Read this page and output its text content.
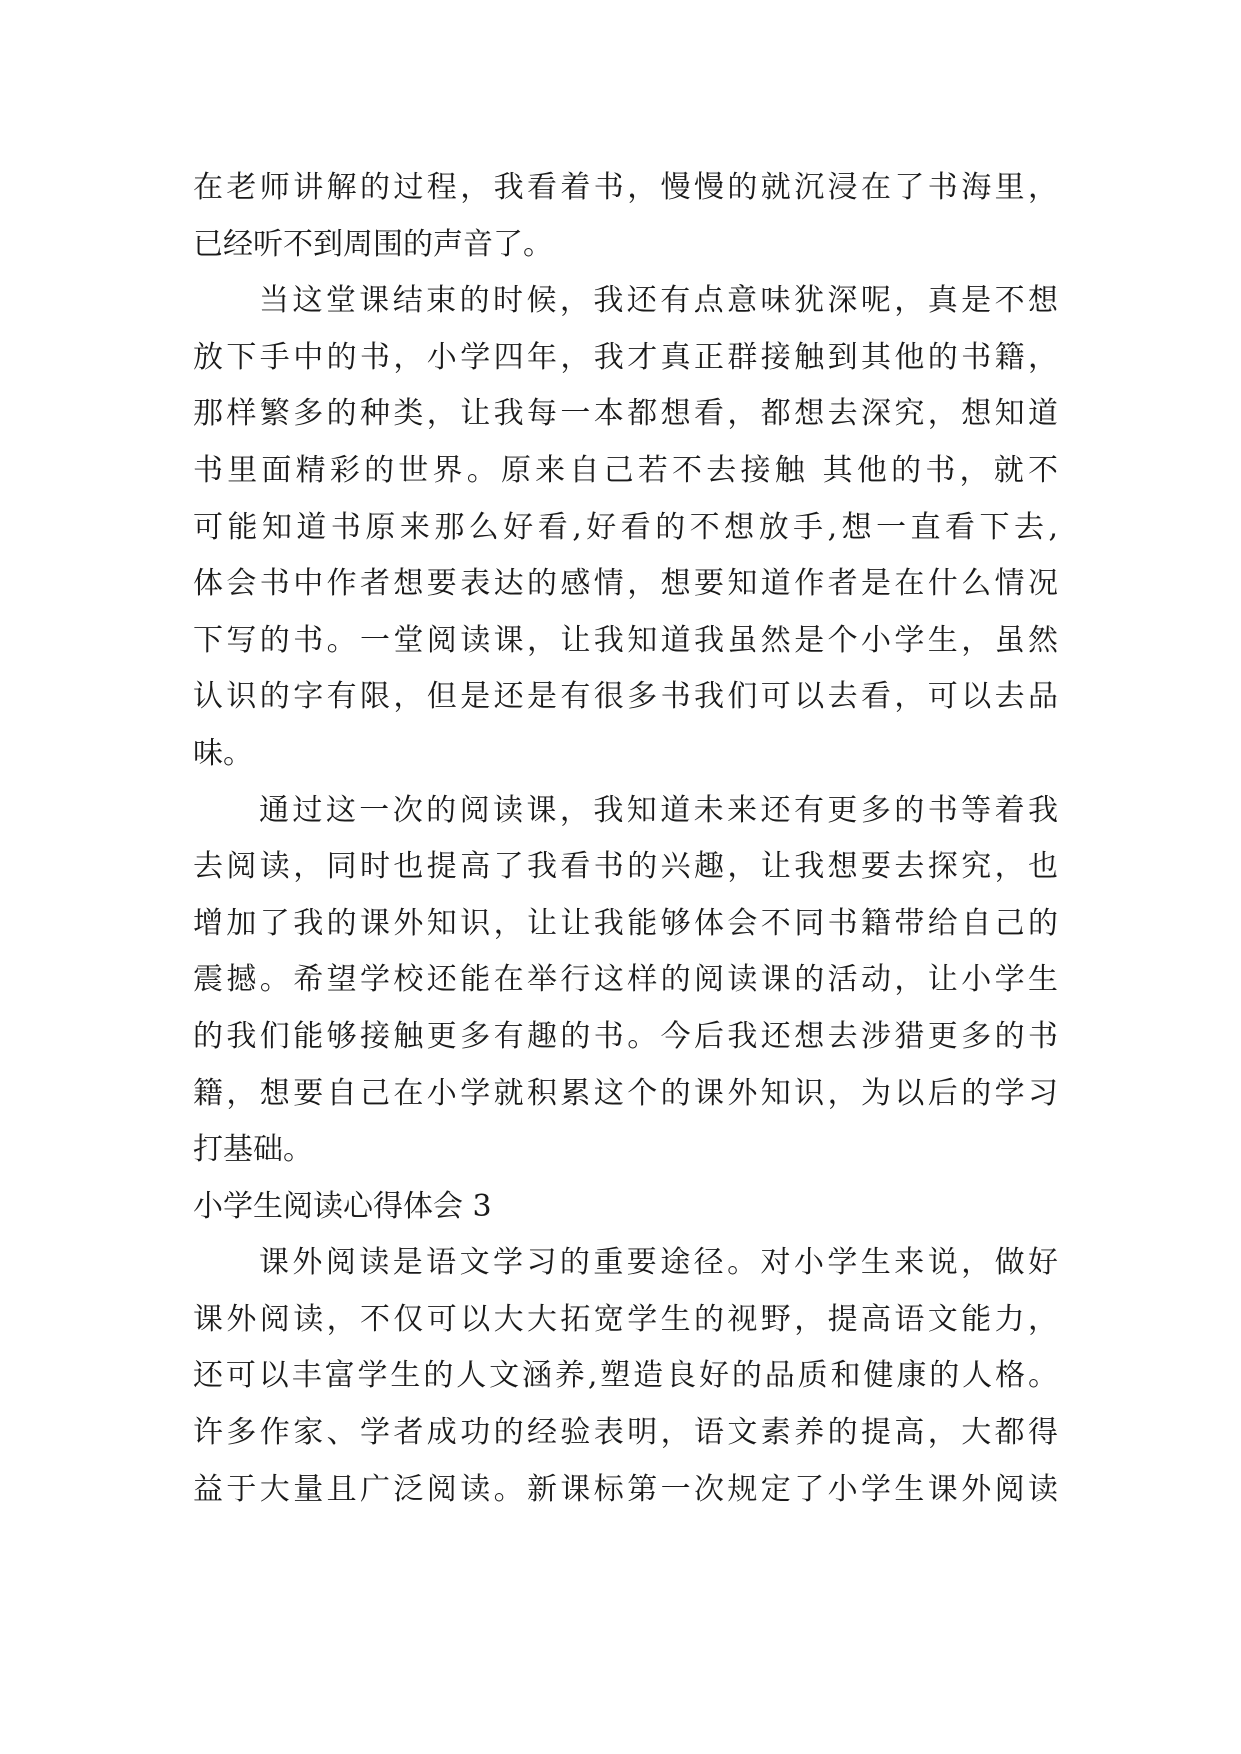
在老师讲解的过程，我看着书，慢慢的就沉浸在了书海里，
已经听不到周围的声音了。
当这堂课结束的时候，我还有点意味犹深呢，真是不想
放下手中的书，小学四年，我才真正群接触到其他的书籍，
那样繁多的种类，让我每一本都想看，都想去深究，想知道
书里面精彩的世界。原来自己若不去接触 其他的书，就不
可能知道书原来那么好看,好看的不想放手,想一直看下去,
体会书中作者想要表达的感情，想要知道作者是在什么情况
下写的书。一堂阅读课，让我知道我虽然是个小学生，虽然
认识的字有限，但是还是有很多书我们可以去看，可以去品
味。
通过这一次的阅读课，我知道未来还有更多的书等着我
去阅读，同时也提高了我看书的兴趣，让我想要去探究，也
增加了我的课外知识，让让我能够体会不同书籍带给自己的
震撼。希望学校还能在举行这样的阅读课的活动，让小学生
的我们能够接触更多有趣的书。今后我还想去涉猎更多的书
籍，想要自己在小学就积累这个的课外知识，为以后的学习
打基础。
小学生阅读心得体会 3
课外阅读是语文学习的重要途径。对小学生来说，做好
课外阅读，不仅可以大大拓宽学生的视野，提高语文能力，
还可以丰富学生的人文涵养,塑造良好的品质和健康的人格。
许多作家、学者成功的经验表明，语文素养的提高，大都得
益于大量且广泛阅读。新课标第一次规定了小学生课外阅读
